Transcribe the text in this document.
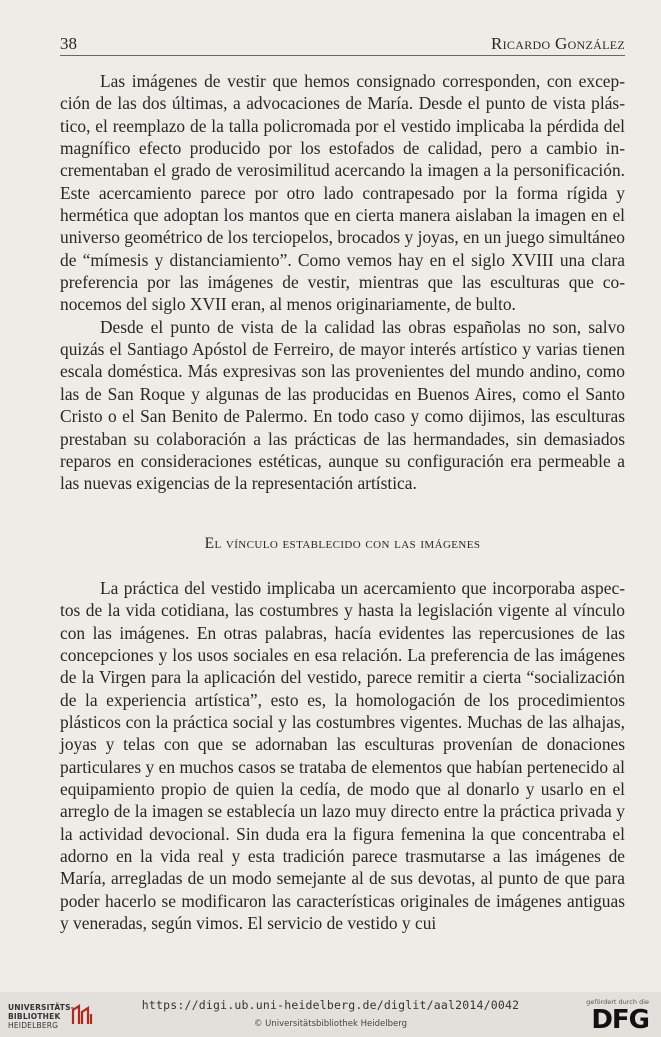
38	Ricardo González

Las imágenes de vestir que hemos consignado corresponden, con excepción de las dos últimas, a advocaciones de María. Desde el punto de vista plástico, el reemplazo de la talla policromada por el vestido implicaba la pérdida del magnífico efecto producido por los estofados de calidad, pero a cambio incrementaban el grado de verosimilitud acercando la imagen a la personificación. Este acercamiento parece por otro lado contrapesado por la forma rígida y hermética que adoptan los mantos que en cierta manera aislaban la imagen en el universo geométrico de los terciopelos, brocados y joyas, en un juego simultáneo de “mímesis y distanciamiento”. Como vemos hay en el siglo XVIII una clara preferencia por las imágenes de vestir, mientras que las esculturas que conocemos del siglo XVII eran, al menos originariamente, de bulto.

Desde el punto de vista de la calidad las obras españolas no son, salvo quizás el Santiago Apóstol de Ferreiro, de mayor interés artístico y varias tienen escala doméstica. Más expresivas son las provenientes del mundo andino, como las de San Roque y algunas de las producidas en Buenos Aires, como el Santo Cristo o el San Benito de Palermo. En todo caso y como dijimos, las esculturas prestaban su colaboración a las prácticas de las hermandades, sin demasiados reparos en consideraciones estéticas, aunque su configuración era permeable a las nuevas exigencias de la representación artística.

El vínculo establecido con las imágenes

La práctica del vestido implicaba un acercamiento que incorporaba aspectos de la vida cotidiana, las costumbres y hasta la legislación vigente al vínculo con las imágenes. En otras palabras, hacía evidentes las repercusiones de las concepciones y los usos sociales en esa relación. La preferencia de las imágenes de la Virgen para la aplicación del vestido, parece remitir a cierta “socialización de la experiencia artística”, esto es, la homologación de los procedimientos plásticos con la práctica social y las costumbres vigentes. Muchas de las alhajas, joyas y telas con que se adornaban las esculturas provenían de donaciones particulares y en muchos casos se trataba de elementos que habían pertenecido al equipamiento propio de quien la cedía, de modo que al donarlo y usarlo en el arreglo de la imagen se establecía un lazo muy directo entre la práctica privada y la actividad devocional. Sin duda era la figura femenina la que concentraba el adorno en la vida real y esta tradición parece trasmutarse a las imágenes de María, arregladas de un modo semejante al de sus devotas, al punto de que para poder hacerlo se modificaron las características originales de imágenes antiguas y veneradas, según vimos. El servicio de vestido y cui

UNIVERSITÄTS-
BIBLIOTHEK
HEIDELBERG
https://digi.ub.uni-heidelberg.de/diglit/aal2014/0042
© Universitätsbibliothek Heidelberg
gefördert durch die
DFG
